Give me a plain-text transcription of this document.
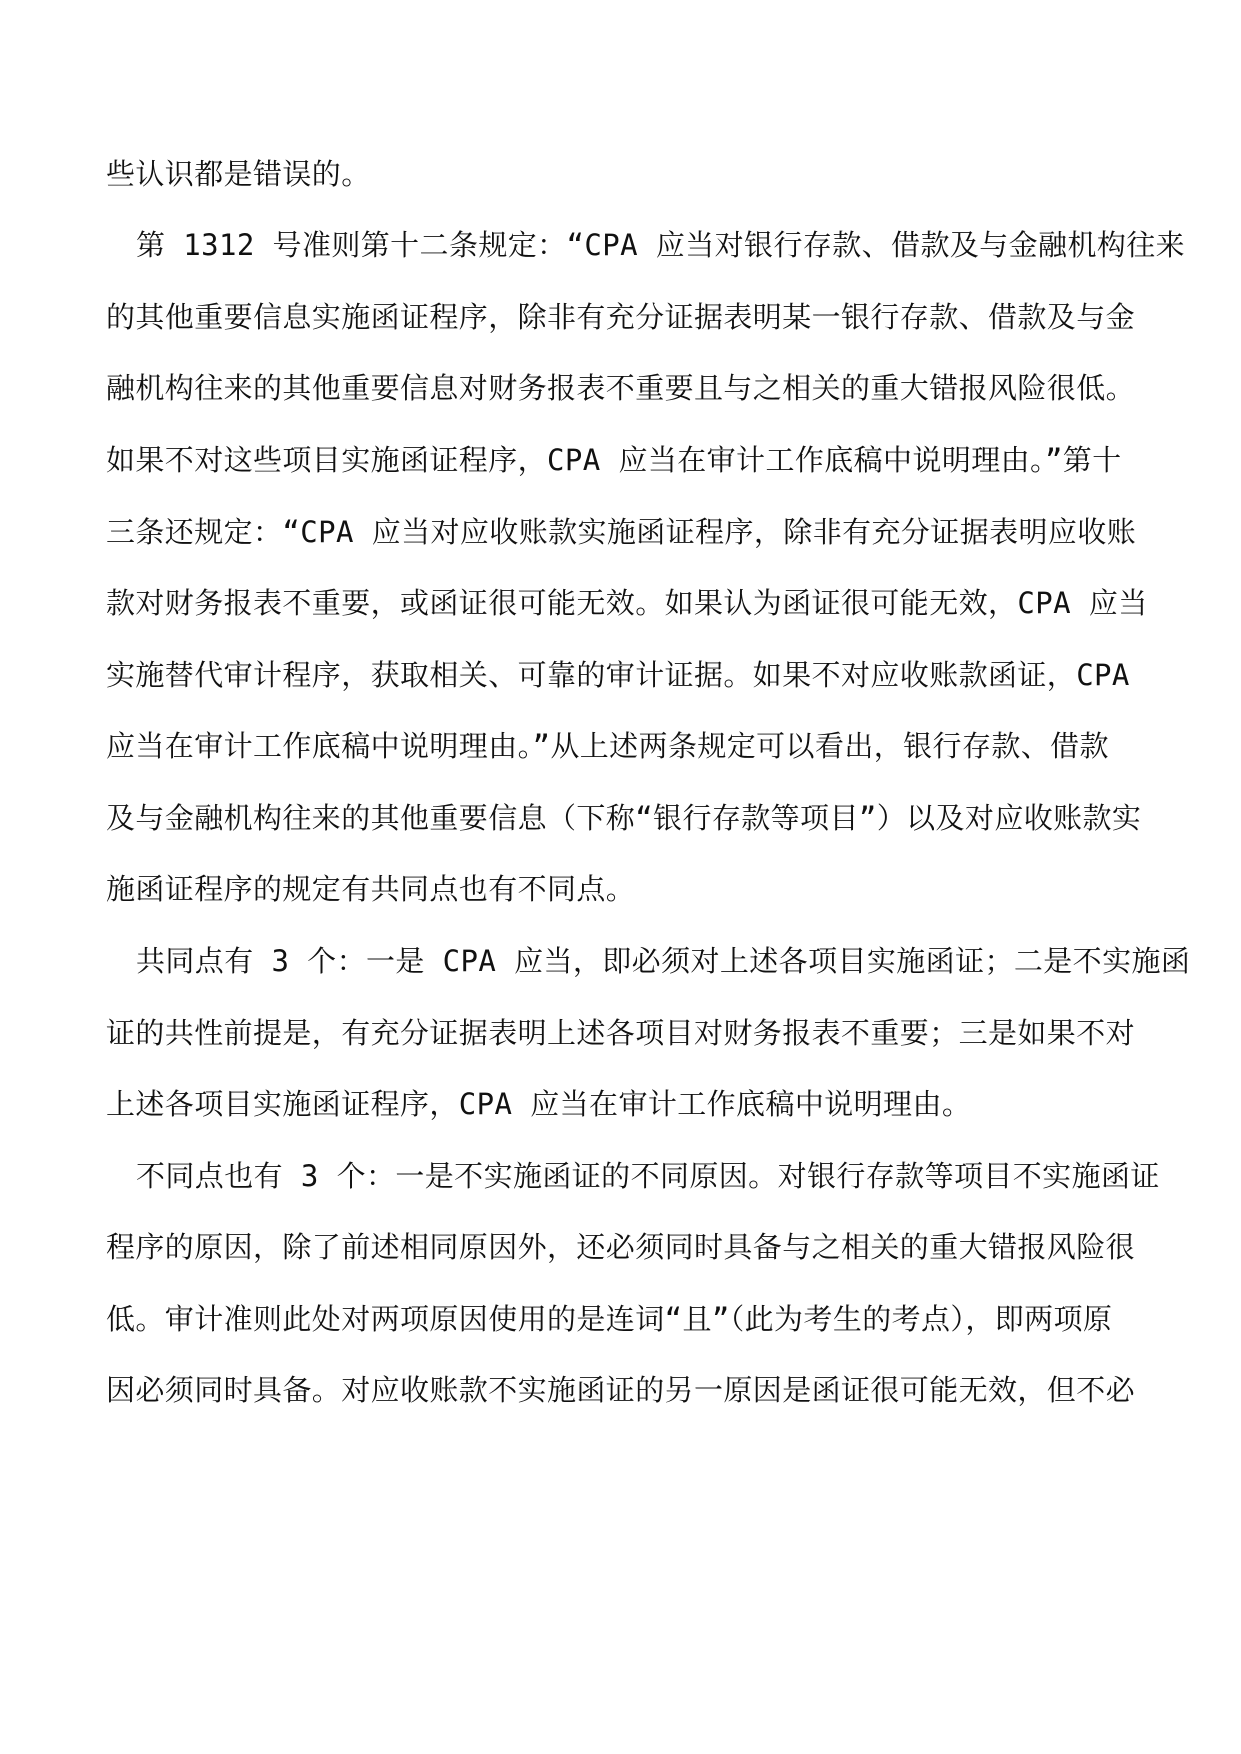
些认识都是错误的。
第 1312 号准则第十二条规定：“CPA 应当对银行存款、借款及与金融机构往来
的其他重要信息实施函证程序，除非有充分证据表明某一银行存款、借款及与金
融机构往来的其他重要信息对财务报表不重要且与之相关的重大错报风险很低。
如果不对这些项目实施函证程序，CPA 应当在审计工作底稿中说明理由。”第十
三条还规定：“CPA 应当对应收账款实施函证程序，除非有充分证据表明应收账
款对财务报表不重要，或函证很可能无效。如果认为函证很可能无效，CPA 应当
实施替代审计程序，获取相关、可靠的审计证据。如果不对应收账款函证，CPA
应当在审计工作底稿中说明理由。”从上述两条规定可以看出，银行存款、借款
及与金融机构往来的其他重要信息（下称“银行存款等项目”）以及对应收账款实
施函证程序的规定有共同点也有不同点。
共同点有 3 个：一是 CPA 应当，即必须对上述各项目实施函证；二是不实施函
证的共性前提是，有充分证据表明上述各项目对财务报表不重要；三是如果不对
上述各项目实施函证程序，CPA 应当在审计工作底稿中说明理由。
不同点也有 3 个：一是不实施函证的不同原因。对银行存款等项目不实施函证
程序的原因，除了前述相同原因外，还必须同时具备与之相关的重大错报风险很
低。审计准则此处对两项原因使用的是连词“且”（此为考生的考点），即两项原
因必须同时具备。对应收账款不实施函证的另一原因是函证很可能无效，但不必
